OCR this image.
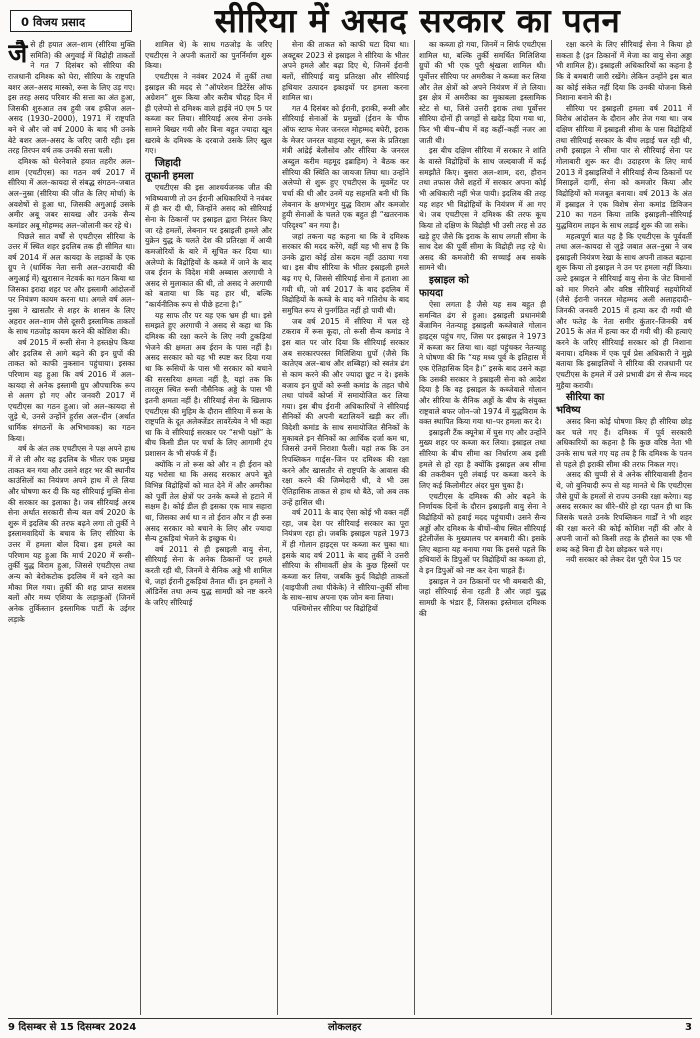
0 विजय प्रसाद	सीरिया में असद सरकार का पतन
जै से ही हयात अल–शाम (सीरिया मुक्ति समिति) की अगुवाई में विद्रोही ताकतों ने गत 7 दिसंबर को सीरिया की राजधानी दमिश्क को घेरा, सीरिया के राष्ट्रपति बशर अल–असद मास्को, रूस के लिए उड़ गए। इस तरह असद परिवार की सत्ता का अंत हुआ, जिसकी शुरुआत तब हुयी जब हफीज अल–असद (1930–2000), 1971 में राष्ट्रपति बने थे और जो वर्ष 2000 के बाद भी उनके बेटे बशर अल–असद के जरिए जारी रही। इस तरह तिरपन वर्ष तक उनकी सत्ता चली।

दमिश्क को घेरनेवाले हयात तहरीर अल–शाम (एचटीएस) का गठन वर्ष 2017 में सीरिया में अल–कायदा से संबद्ध संगठन–जबात अल–नुस्रा (सीरिया की जीत के लिए मोर्चा) के अवशेषों से हुआ था, जिसकी अगुआई उसके अमीर अबू जबर सायख और उनके सैन्य कमांडर अबू मोहम्मद अल–जोलानी कर रहे थे।

पिछले सात वर्षों से एचटीएस सीरिया के उत्तर में स्थित शहर इदलिब तक ही सीमित था। वर्ष 2014 में अल कायदा के लड़ाकों के एक ग्रुप ने (धार्मिक नेता सनी अल–उरायादी की अगुआई में) खुरासान नेटवर्क का गठन किया था जिसका इरादा शहर पर और इस्लामी आंदोलनों पर नियंत्रण कायम करना था। अगले वर्ष अल–नुस्रा ने खासतौर से शहर के शासन के लिए अहरार अल–शाम जैसे दूसरी इस्लामिक ताकतों के साथ गठजोड़ कायम करने की कोशिश की।

वर्ष 2015 में रूसी सेना ने हस्तक्षेप किया और इदलिब से आगे बढ़ने की इन ग्रुपों की ताकत को काफी नुकसान पहुंचाया। इसका परिणाम यह हुआ कि वर्ष 2016 में अल–कायदा से अनेक इस्लामी ग्रुप औपचारिक रूप से अलग हो गए और जनवरी 2017 में एचटीएस का गठन हुआ। जो अल–कायदा से जुड़े थे, उनसे उन्होंने हुर्रास अल–दीन (अर्थात धार्मिक संगठनों के अभिभावक) का गठन किया।

वर्ष के अंत तक एचटीएस ने पक्ष अपने हाथ में ले ली और यह इदलिब के भीतर एक प्रमुख ताकत बन गया और उसने शहर भर की स्थानीय काउंसिलों का नियंत्रण अपने हाथ में ले लिया और घोषणा कर दी कि यह सीरियाई मुक्ति सेना की सरकार का इलाका है। जब सीरियाई अरब सेना अर्थात सरकारी सैन्य बल वर्ष 2020 के शुरू में इदलिब की तरफ बढ़ने लगा तो तुर्की ने इस्लामवादियों के बचाव के लिए सीरिया के उत्तर में हमला बोल दिया। इस हमले का परिणाम यह हुआ कि मार्च 2020 में रूसी– तुर्की युद्ध विराम हुआ, जिससे एचटीएस तथा अन्य को बेरोकटोक इदलिब में बने रहने का मौका मिल गया। तुर्की की शह प्राप्त सशस्त्र बलों और मध्य एशिया के लड़ाकुओं (जिनमें अनेक तुर्किस्तान इस्लामिक पार्टी के उईगर लड़ाके

शामिल थे) के साथ गठजोड़ के जरिए एचटीएस ने अपनी कतारों का पुनर्निर्माण शुरू किया।

एचटीएस ने नवंबर 2024 में तुर्की तथा इस्राइल की मदद से “ऑपरेशन डिटेरेंस ऑफ अग्रेशन” शुरू किया और करीब चौदह दिन में ही एलेप्पो से दमिश्क वाले हाईवे नं0 एम 5 पर कब्जा कर लिया। सीरियाई अरब सेना उनके सामने बिखर गयी और बिना बहुत ज्यादा खून खराबे के दमिश्क के दरवाजे उसके लिए खुल गए।

जिहादी
तूफानी हमला

एचटीएस की इस आश्चर्यजनक जीत की भविष्यवाणी तो उन ईरानी अधिकारियों ने नवंबर में ही कर दी थी, जिन्होंने असद को सीरियाई सेना के ठिकानों पर इस्राइल द्वारा निरंतर किए जा रहे हमलों, लेबनान पर इस्राइली हमले और युक्रेन युद्ध के चलते देश की प्रतिरक्षा में आयी कमजोरियों के बारे में सूचित कर दिया था। अलेप्पो के विद्रोहियों के कब्जे में जाने के बाद जब ईरान के विदेश मंत्री अब्बास अरगाची ने असद से मुलाकात की थी, तो असद ने अरगाची को बताया था कि यह हार थी, बल्कि “कार्यनीतिक रूप से पीछे हटना है।”

यह साफ तौर पर यह एक भ्रम ही था। इसे समझते हुए अरगाची ने असद से कहा था कि दमिश्क की रक्षा करने के लिए नयी टुकड़ियां भेजने की क्षमता अब ईरान के पास नहीं है। असद सरकार को यह भी स्पष्ट कर दिया गया था कि रूसियों के पास भी सरकार को बचाने की सरसरिया क्षमता नहीं है, यहां तक कि तारतूस स्थित रूसी नौसैनिक अड्डे के पास भी इतनी क्षमता नहीं है। सीरियाई सेना के खिलाफ एचटीएस की मुहिम के दौरान सीरिया में रूस के राष्ट्रपति के दूत अलेक्जेंडर लावरेंत्येव ने भी कहा था कि वे सीरियाई सरकार पर “सभी पक्षों” के बीच किसी डील पर चर्चा के लिए आगामी ट्रंप प्रशासन के भी संपर्क में हैं।

क्योंकि न तो रूस को और न ही ईरान को यह भरोसा था कि असद सरकार अपने बूते विभिन्न विद्रोहियों को मात देने में और अमरीका को पूर्वी तेल क्षेत्रों पर उनके कब्जे से हटाने में सक्षम है। कोई डील ही इसका एक मात्र सहारा था, जिसका अर्थ था न तो ईरान और न ही रूस असद सरकार को बचाने के लिए और ज्यादा सैन्य टुकड़ियां भेजने के इच्छुक थे।

वर्ष 2011 से ही इस्राइली वायु सेना, सीरियाई सेना के अनेक ठिकानों पर हमले करती रही थी, जिनमें वे सैनिक अड्डे भी शामिल थे, जहां ईरानी टुकड़ियां तैनात थीं। इन हमलों ने ऑडिनेंस तथा अन्य युद्ध सामग्री को नष्ट करने के जरिए सीरियाई

सेना की ताकत को काफी घटा दिया था। अक्टूबर 2023 से इस्राइल ने सीरिया के भीतर अपने हमले और बढ़ा दिए थे, जिनमें ईरानी बलों, सीरियाई वायु प्रतिरक्षा और सीरियाई हथियार उत्पादन इकाइयों पर हमला करना शामिल था।

गत 4 दिसंबर को ईरानी, इराकी, रूसी और सीरियाई सेनाओं के प्रमुखों (ईरान के चीफ ऑफ स्टाफ मेजर जनरल मोहम्मद बघेरी, इराक के मेजर जनरल याहया रसूल, रूस के प्रतिरक्षा मंत्री आंद्रेई बेलौसोव और सीरिया के जनरल अब्दुल करीम महमूद इब्राहिम) ने बैठक कर सीरिया की स्थिति का जायजा लिया था। उन्होंने अलेप्पो से शुरू हुए एचटीएस के मूवमेंट पर चर्चा की थी और उनमें यह सहमति बनी थी कि लेबनान के क्षणभंगुर युद्ध विराम और कमजोर हुयी सेनाओं के चलते एक बहुत ही “खतरनाक परिदृश्य” बन गया है।

जहां तकना यह कहना था कि वे दमिश्क सरकार की मदद करेंगे, वहीं यह भी सच है कि उनके द्वारा कोई ठोस कदम नहीं उठाया गया था। इस बीच सीरिया के भीतर इस्राइली हमले बढ़ गए थे, जिससे सीरियाई सेना में हताशा आ गयी थी, जो वर्ष 2017 के बाद इदलिब में विद्रोहियों के कब्जे के बाद बने गतिरोध के बाद समुचित रूप से पुनर्गठित नहीं हो पायी थी।

जब वर्ष 2015 में सीरिया में चल रहे टकराव में रूस कूदा, तो रूसी सैन्य कमांड ने इस बात पर जोर दिया कि सीरियाई सरकार अब सरकारपरस्त मिलिशिया ग्रुपों (जैसे कि कातेएब अल–बाथ और शब्बिहा) को स्वतंत्र ढंग से काम करने की और ज्यादा छूट न दे। इसके बजाय इन ग्रुपों को रूसी कमांड के तहत चौथे तथा पांचवें कोर्प्स में समायोजित कर लिया गया। इस बीच ईरानी अधिकारियों ने सीरियाई सैनिकों की अपनी बटालियनें खड़ी कर लीं। विदेशी कमांड के साथ समायोजित सैनिकों के मुकाबले इन सैनिकों का आर्थिक दर्जा कम था, जिससे उनमें निराशा फैली। यहां तक कि उन रिपब्लिकन गार्ड्स–जिन पर दमिश्क की रक्षा करने और खासतौर से राष्ट्रपति के आवास की रक्षा करने की जिम्मेदारी थी, वे भी उस ऐतिहासिक ताकत से हाथ धो बैठे, जो अब तक उन्हें हासिल थी।

वर्ष 2011 के बाद ऐसा कोई भी वक्त नहीं रहा, जब देश पर सीरियाई सरकार का पूरा नियंत्रण रहा हो। जबकि इस्राइल पहले 1973 में ही गोलान हाइट्स पर कब्जा कर चुका था। इसके बाद वर्ष 2011 के बाद तुर्की ने उत्तरी सीरिया के सीमावर्ती क्षेत्र के कुछ हिस्सों पर कब्जा कर लिया, जबकि कुर्द विद्रोही ताकतों (वाइपीजी तथा पीकेके) ने सीरिया–तुर्की सीमा के साथ–साथ अपना एक जोन बना लिया।

पश्चिमोत्तर सीरिया पर विद्रोहियों

का कब्जा हो गया, जिनमें न सिर्फ एचटीएस शामिल था, बल्कि तुर्की समर्थित मिलिशिया ग्रुपों की भी एक पूरी श्रृंखला शामिल थी। पूर्वोत्तर सीरिया पर अमरीका ने कब्जा कर लिया और तेल क्षेत्रों को अपने नियंत्रण में ले लिया। इस क्षेत्र में अमरीका का मुकाबला इस्लामिक स्टेट से था, जिसे उत्तरी इराक तथा पूर्वोत्तर सीरिया दोनों ही जगहों से खदेड़ दिया गया था, फिर भी बीच–बीच में वह कहीं–कहीं नजर आ जाती थी।

इस बीच दक्षिण सीरिया में सरकार ने शांति के वास्ते विद्रोहियों के साथ जल्दबाजी में कई समझौते किए। बुसरा अल–शाम, दरा, हौरान तथा तफास जैसे शहरों में सरकार अपना कोई भी अधिकारी नहीं भेज पायी। इदलिब की तरह यह शहर भी विद्रोहियों के नियंत्रण में आ गए थे। जब एचटीएस ने दमिश्क की तरफ कूच किया तो दक्षिण के विद्रोही भी उसी तरह से उठ खड़े हुए जैसे कि इराक के साथ लगती सीमा के साथ देश की पूर्वी सीमा के विद्रोही लड़ रहे थे। असद की कमजोरी की सच्चाई अब सबके सामने थी।

इस्राइल को
फायदा

ऐसा लगता है जैसे यह सब बहुत ही समन्वित ढंग से हुआ। इस्राइली प्रधानमंत्री बेंजामिन नेतन्याहू इस्राइली कब्जेवाले गोलान हाइट्स पहुंच गए, जिस पर इस्राइल ने 1973 में कब्जा कर लिया था। वहां पहुंचकर नेतन्याहू ने घोषणा की कि “यह मध्य पूर्व के इतिहास में एक ऐतिहासिक दिन है।” इसके बाद उसने कहा कि उसकी सरकार ने इस्राइली सेना को आदेश दिया है कि वह इस्राइल के कब्जेवाले गोलान और सीरिया के सैनिक अड्डों के बीच के संयुक्त राष्ट्रवाले बफर जोन–जो 1974 में युद्धविराम के वक्त स्थापित किया गया था–पर हमला कर दे।

इस्राइली टैंक क्यूनेत्रा में घुस गए और उन्होंने मुख्य शहर पर कब्जा कर लिया। इस्राइल तथा सीरिया के बीच सीमा का निर्धारण अब इसी हमले से हो रहा है क्योंकि इस्राइल अब सीमा की तकरीबन पूरी लंबाई पर कब्जा करने के लिए कई किलोमीटर अंदर घुस चुका है।

एचटीएस के दमिश्क की ओर बढ़ने के निर्णायक दिनों के दौरान इस्राइली वायु सेना ने विद्रोहियों को हवाई मदद पहुंचायी। उसने सैन्य अड्डों और दमिश्क के बीचों–बीच स्थित सीरियाई इंटेलीजेंस के मुख्यालय पर बमबारी की। इसके लिए बहाना यह बनाया गया कि इससे पहले कि हथियारों के डिपुओं पर विद्रोहियों का कब्जा हो, वे इन डिपुओं को नष्ट कर देना चाहते हैं।

इस्राइल ने उन ठिकानों पर भी बमबारी की, जहां सीरियाई सेना रहती है और जहां युद्ध सामग्री के भंडार हैं, जिसका इस्तेमाल दमिश्क की

रक्षा करने के लिए सीरियाई सेना ने किया हो सकता है (इन ठिकानों में मेजा का वायु सेना अड्डा भी शामिल है)। इस्राइली अधिकारियों का कहना है कि वे बमबारी जारी रखेंगे। लेकिन उन्होंने इस बात का कोई संकेत नहीं दिया कि उनकी योजना किसे निशाना बनाने की है।

सीरिया पर इस्राइली हमला वर्ष 2011 में विरोध आंदोलन के दौरान और तेज गया था। जब दक्षिण सीरिया में इस्राइली सीमा के पास विद्रोहियों तथा सीरियाई सरकार के बीच लड़ाई चल रही थी, तभी इस्राइल ने सीमा पार से सीरियाई सेना पर गोलाबारी शुरू कर दी। उदाहरण के लिए मार्च 2013 में इस्राइलियों ने सीरियाई सैन्य ठिकानों पर मिसाइलें दागीं, सेना को कमजोर किया और विद्रोहियों को मजबूत बनाया। वर्ष 2013 के अंत में इस्राइल ने एक विशेष सेना कमांड डिविजन 210 का गठन किया ताकि इस्राइली–सीरियाई युद्धविराम लाइन के साथ लड़ाई शुरू की जा सके।

महत्वपूर्ण बात यह है कि एचटीएस के पूर्ववर्ती तथा अल–कायदा से जुड़े जबात अल–नुस्रा ने जब इस्राइली नियंत्रण रेखा के साथ अपनी ताकत बढ़ाना शुरू किया तो इस्राइल ने उन पर हमला नहीं किया। उल्टे इस्राइल ने सीरियाई वायु सेना के जेट विमानों को मार गिराने और वरिष्ठ सीरियाई सहयोगियों (जैसे ईरानी जनरल मोहम्मद अली अलाहदादी–जिनकी जनवरी 2015 में हत्या कर दी गयी थी और फतेह के नेता समीर कुंतार–जिनकी वर्ष 2015 के अंत में हत्या कर दी गयी थी) की हत्याएं करने के जरिए सीरियाई सरकार को ही निशाना बनाया। दमिश्क में एक पूर्व प्रेस अधिकारी ने मुझे बताया कि इस्राइलियों ने सीरिया की राजधानी पर एचटीएस के हमले में उसे प्रभावी ढंग से सैन्य मदद मुहैया करायी।

सीरिया का
भविष्य

असद बिना कोई घोषणा किए ही सीरिया छोड़ कर चले गए हैं। दमिश्क में पूर्व सरकारी अधिकारियों का कहना है कि कुछ वरिष्ठ नेता भी उनके साथ चले गए यह तय है कि दमिश्क के पतन से पहले ही इराकी सीमा की तरफ निकल गए।

असद की चुप्पी से वे अनेक सीरियावासी हैरान थे, जो बुनियादी रूप से यह मानते थे कि एचटीएस जैसे ग्रुपों के हमलों से राज्य उनकी रक्षा करेगा। यह असद सरकार का धीरे–धीरे हो रहा पतन ही था कि जिसके चलते उनके रिपब्लिकन गार्डों ने भी शहर की रक्षा करने की कोई कोशिश नहीं की और वे अपनी जानों को किसी तरह के हौसले का एक भी शब्द कहे बिना ही देश छोड़कर चले गए।

नयी सरकार को लेकर देश पूरी पेज 15 पर

9 दिसम्बर से 15 दिसम्बर 2024	लोकलहर	3
